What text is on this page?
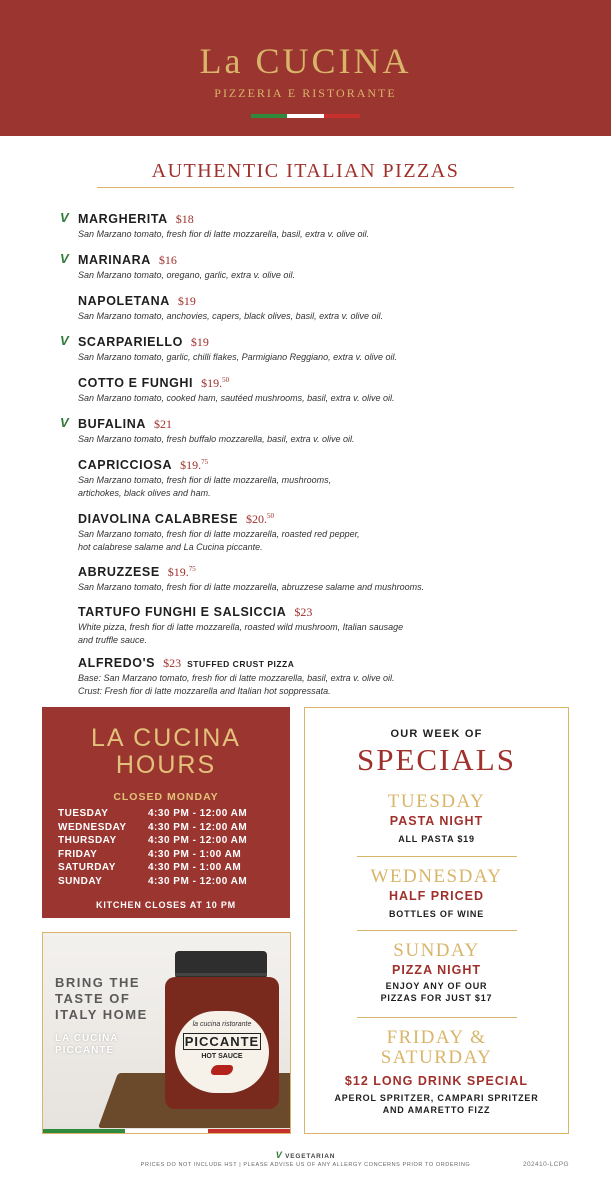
La CUCINA
PIZZERIA E RISTORANTE
AUTHENTIC ITALIAN PIZZAS
V MARGHERITA $18
San Marzano tomato, fresh fior di latte mozzarella, basil, extra v. olive oil.
V MARINARA $16
San Marzano tomato, oregano, garlic, extra v. olive oil.
NAPOLETANA $19
San Marzano tomato, anchovies, capers, black olives, basil, extra v. olive oil.
V SCARPARIELLO $19
San Marzano tomato, garlic, chilli flakes, Parmigiano Reggiano, extra v. olive oil.
COTTO E FUNGHI $19.50
San Marzano tomato, cooked ham, sautéed mushrooms, basil, extra v. olive oil.
V BUFALINA $21
San Marzano tomato, fresh buffalo mozzarella, basil, extra v. olive oil.
CAPRICCIOSA $19.75
San Marzano tomato, fresh fior di latte mozzarella, mushrooms,
artichokes, black olives and ham.
DIAVOLINA CALABRESE $20.50
San Marzano tomato, fresh fior di latte mozzarella, roasted red pepper,
hot calabrese salame and La Cucina piccante.
ABRUZZESE $19.75
San Marzano tomato, fresh fior di latte mozzarella, abruzzese salame and mushrooms.
TARTUFO FUNGHI E SALSICCIA $23
White pizza, fresh fior di latte mozzarella, roasted wild mushroom, Italian sausage
and truffle sauce.
ALFREDO'S $23 STUFFED CRUST PIZZA
Base: San Marzano tomato, fresh fior di latte mozzarella, basil, extra v. olive oil.
Crust: Fresh fior di latte mozzarella and Italian hot soppressata.
LA CUCINA
HOURS
CLOSED MONDAY
TUESDAY	4:30 PM - 12:00 AM
WEDNESDAY	4:30 PM - 12:00 AM
THURSDAY	4:30 PM - 12:00 AM
FRIDAY	4:30 PM - 1:00 AM
SATURDAY	4:30 PM - 1:00 AM
SUNDAY	4:30 PM - 12:00 AM
KITCHEN CLOSES AT 10 PM
BRING THE TASTE OF ITALY HOME
LA CUCINA PICCANTE
la cucina ristorante
PICCANTE
HOT SAUCE
OUR WEEK OF
SPECIALS
TUESDAY
PASTA NIGHT
ALL PASTA $19
WEDNESDAY
HALF PRICED
BOTTLES OF WINE
SUNDAY
PIZZA NIGHT
ENJOY ANY OF OUR
PIZZAS FOR JUST $17
FRIDAY &
SATURDAY
$12 LONG DRINK SPECIAL
APEROL SPRITZER, CAMPARI SPRITZER
AND AMARETTO FIZZ
V VEGETARIAN
PRICES DO NOT INCLUDE HST | PLEASE ADVISE US OF ANY ALLERGY CONCERNS PRIOR TO ORDERING	202410-LCPG
